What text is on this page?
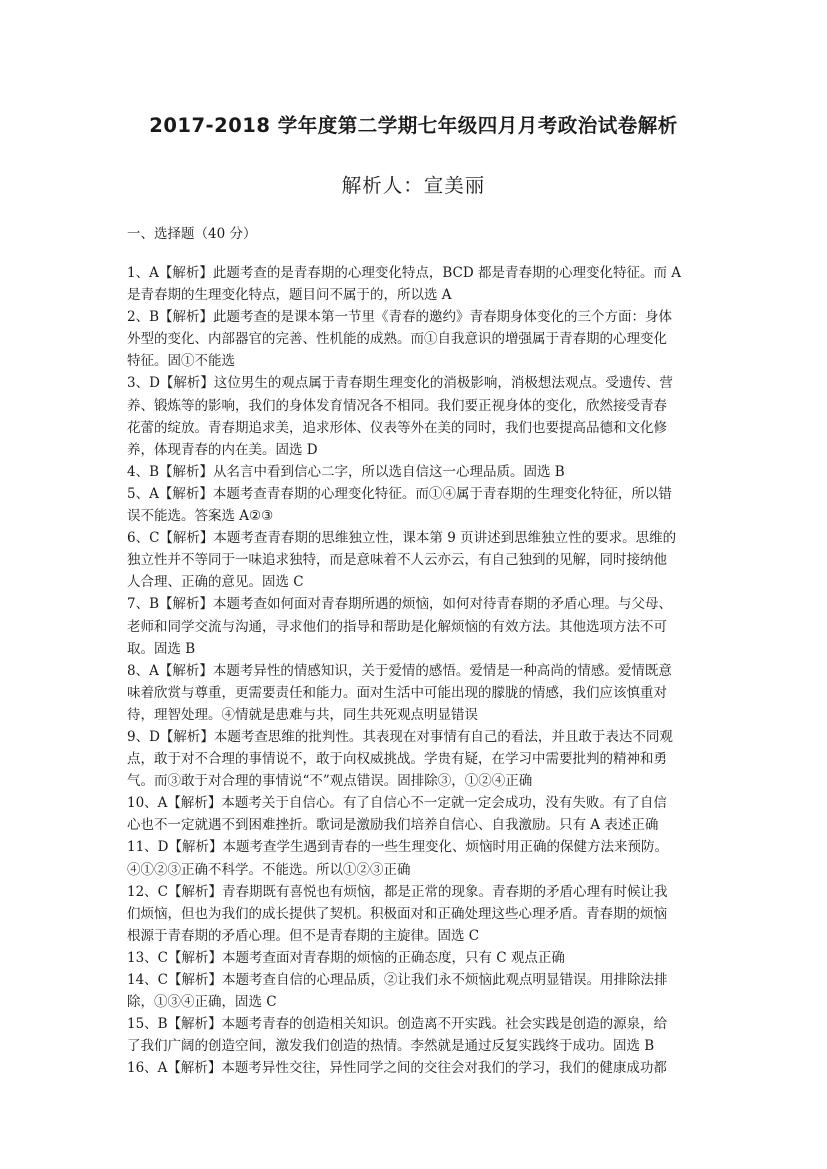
2017-2018 学年度第二学期七年级四月月考政治试卷解析
解析人：宣美丽
一、选择题（40 分）
1、A【解析】此题考查的是青春期的心理变化特点，BCD 都是青春期的心理变化特征。而 A
是青春期的生理变化特点，题目问不属于的，所以选 A
2、B【解析】此题考查的是课本第一节里《青春的邀约》青春期身体变化的三个方面：身体
外型的变化、内部器官的完善、性机能的成熟。而①自我意识的增强属于青春期的心理变化
特征。固①不能选
3、D【解析】这位男生的观点属于青春期生理变化的消极影响，消极想法观点。受遗传、营
养、锻炼等的影响，我们的身体发育情况各不相同。我们要正视身体的变化，欣然接受青春
花蕾的绽放。青春期追求美，追求形体、仪表等外在美的同时，我们也要提高品德和文化修
养，体现青春的内在美。固选 D
4、B【解析】从名言中看到信心二字，所以选自信这一心理品质。固选 B
5、A【解析】本题考查青春期的心理变化特征。而①④属于青春期的生理变化特征，所以错
误不能选。答案选 A②③
6、C【解析】本题考查青春期的思维独立性，课本第 9 页讲述到思维独立性的要求。思维的
独立性并不等同于一味追求独特，而是意味着不人云亦云，有自己独到的见解，同时接纳他
人合理、正确的意见。固选 C
7、B【解析】本题考查如何面对青春期所遇的烦恼，如何对待青春期的矛盾心理。与父母、
老师和同学交流与沟通，寻求他们的指导和帮助是化解烦恼的有效方法。其他选项方法不可
取。固选 B
8、A【解析】本题考异性的情感知识，关于爱情的感悟。爱情是一种高尚的情感。爱情既意
味着欣赏与尊重，更需要责任和能力。面对生活中可能出现的朦胧的情感，我们应该慎重对
待，理智处理。④情就是患难与共，同生共死观点明显错误
9、D【解析】本题考查思维的批判性。其表现在对事情有自己的看法，并且敢于表达不同观
点，敢于对不合理的事情说不，敢于向权威挑战。学贵有疑，在学习中需要批判的精神和勇
气。而③敢于对合理的事情说“不”观点错误。固排除③，①②④正确
10、A【解析】本题考关于自信心。有了自信心不一定就一定会成功，没有失败。有了自信
心也不一定就遇不到困难挫折。歌词是激励我们培养自信心、自我激励。只有 A 表述正确
11、D【解析】本题考查学生遇到青春的一些生理变化、烦恼时用正确的保健方法来预防。
④①②③正确不科学。不能选。所以①②③正确
12、C【解析】青春期既有喜悦也有烦恼，都是正常的现象。青春期的矛盾心理有时候让我
们烦恼，但也为我们的成长提供了契机。积极面对和正确处理这些心理矛盾。青春期的烦恼
根源于青春期的矛盾心理。但不是青春期的主旋律。固选 C
13、C【解析】本题考查面对青春期的烦恼的正确态度，只有 C 观点正确
14、C【解析】本题考查自信的心理品质，②让我们永不烦恼此观点明显错误。用排除法排
除，①③④正确，固选 C
15、B【解析】本题考青春的创造相关知识。创造离不开实践。社会实践是创造的源泉，给
了我们广阔的创造空间，激发我们创造的热情。李然就是通过反复实践终于成功。固选 B
16、A【解析】本题考异性交往，异性同学之间的交往会对我们的学习，我们的健康成功都
